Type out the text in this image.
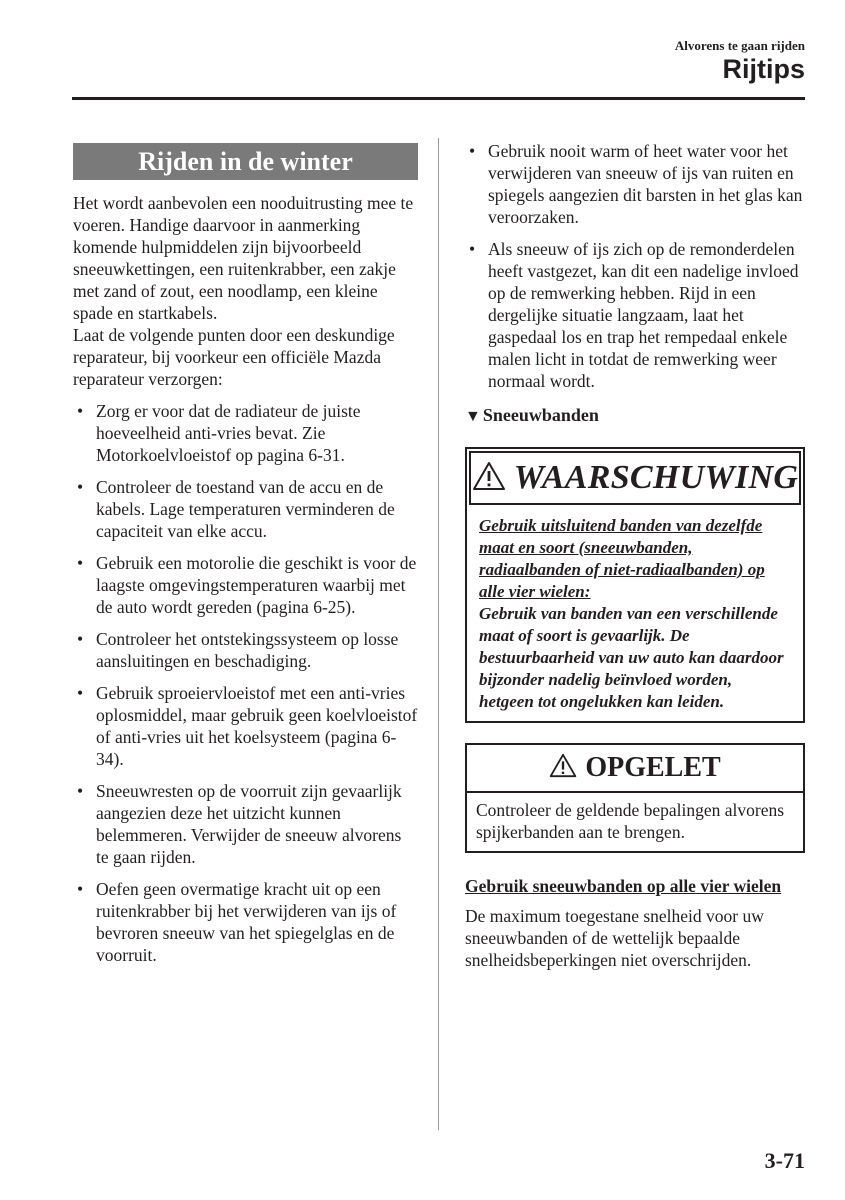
Alvorens te gaan rijden
Rijtips
Rijden in de winter

Het wordt aanbevolen een nooduitrusting mee te voeren. Handige daarvoor in aanmerking komende hulpmiddelen zijn bijvoorbeeld sneeuwkettingen, een ruitenkrabber, een zakje met zand of zout, een noodlamp, een kleine spade en startkabels.

Laat de volgende punten door een deskundige reparateur, bij voorkeur een officiële Mazda reparateur verzorgen:

• Zorg er voor dat de radiateur de juiste hoeveelheid anti-vries bevat. Zie Motorkoelvloeistof op pagina 6-31.
• Controleer de toestand van de accu en de kabels. Lage temperaturen verminderen de capaciteit van elke accu.
• Gebruik een motorolie die geschikt is voor de laagste omgevingstemperaturen waarbij met de auto wordt gereden (pagina 6-25).
• Controleer het ontstekingssysteem op losse aansluitingen en beschadiging.
• Gebruik sproeiervloeistof met een anti-vries oplosmiddel, maar gebruik geen koelvloeistof of anti-vries uit het koelsysteem (pagina 6-34).
• Sneeuwresten op de voorruit zijn gevaarlijk aangezien deze het uitzicht kunnen belemmeren. Verwijder de sneeuw alvorens te gaan rijden.
• Oefen geen overmatige kracht uit op een ruitenkrabber bij het verwijderen van ijs of bevroren sneeuw van het spiegelglas en de voorruit.
• Gebruik nooit warm of heet water voor het verwijderen van sneeuw of ijs van ruiten en spiegels aangezien dit barsten in het glas kan veroorzaken.
• Als sneeuw of ijs zich op de remonderdelen heeft vastgezet, kan dit een nadelige invloed op de remwerking hebben. Rijd in een dergelijke situatie langzaam, laat het gaspedaal los en trap het rempedaal enkele malen licht in totdat de remwerking weer normaal wordt.
▼ Sneeuwbanden
WAARSCHUWING
Gebruik uitsluitend banden van dezelfde maat en soort (sneeuwbanden, radiaalbanden of niet-radiaalbanden) op alle vier wielen:
Gebruik van banden van een verschillende maat of soort is gevaarlijk. De bestuurbaarheid van uw auto kan daardoor bijzonder nadelig beïnvloed worden, hetgeen tot ongelukken kan leiden.
OPGELET
Controleer de geldende bepalingen alvorens spijkerbanden aan te brengen.
Gebruik sneeuwbanden op alle vier wielen

De maximum toegestane snelheid voor uw sneeuwbanden of de wettelijk bepaalde snelheidsbeperkingen niet overschrijden.

3-71
